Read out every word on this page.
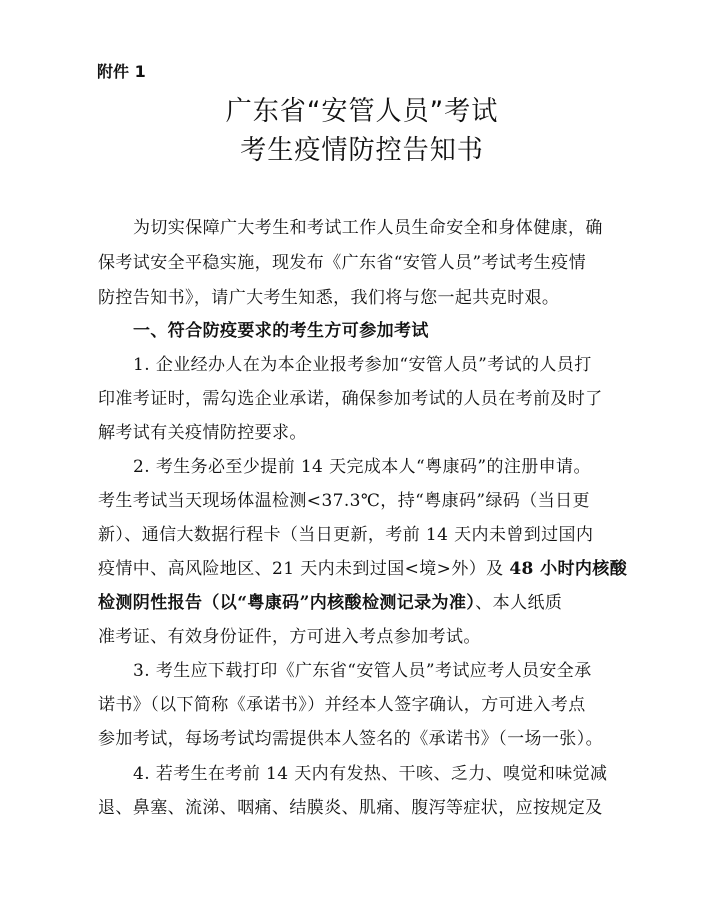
附件 1
广东省“安管人员”考试
考生疫情防控告知书
为切实保障广大考生和考试工作人员生命安全和身体健康，确
保考试安全平稳实施，现发布《广东省“安管人员”考试考生疫情
防控告知书》，请广大考生知悉，我们将与您一起共克时艰。
一、符合防疫要求的考生方可参加考试
1. 企业经办人在为本企业报考参加“安管人员”考试的人员打
印准考证时，需勾选企业承诺，确保参加考试的人员在考前及时了
解考试有关疫情防控要求。
2. 考生务必至少提前 14 天完成本人“粤康码”的注册申请。
考生考试当天现场体温检测<37.3℃，持“粤康码”绿码（当日更
新）、通信大数据行程卡（当日更新，考前 14 天内未曾到过国内
疫情中、高风险地区、21 天内未到过国<境>外）及 48 小时内核酸
检测阴性报告（以“粤康码”内核酸检测记录为准）、本人纸质
准考证、有效身份证件，方可进入考点参加考试。
3. 考生应下载打印《广东省“安管人员”考试应考人员安全承
诺书》（以下简称《承诺书》）并经本人签字确认，方可进入考点
参加考试，每场考试均需提供本人签名的《承诺书》（一场一张）。
4. 若考生在考前 14 天内有发热、干咳、乏力、嗅觉和味觉减
退、鼻塞、流涕、咽痛、结膜炎、肌痛、腹泻等症状，应按规定及
